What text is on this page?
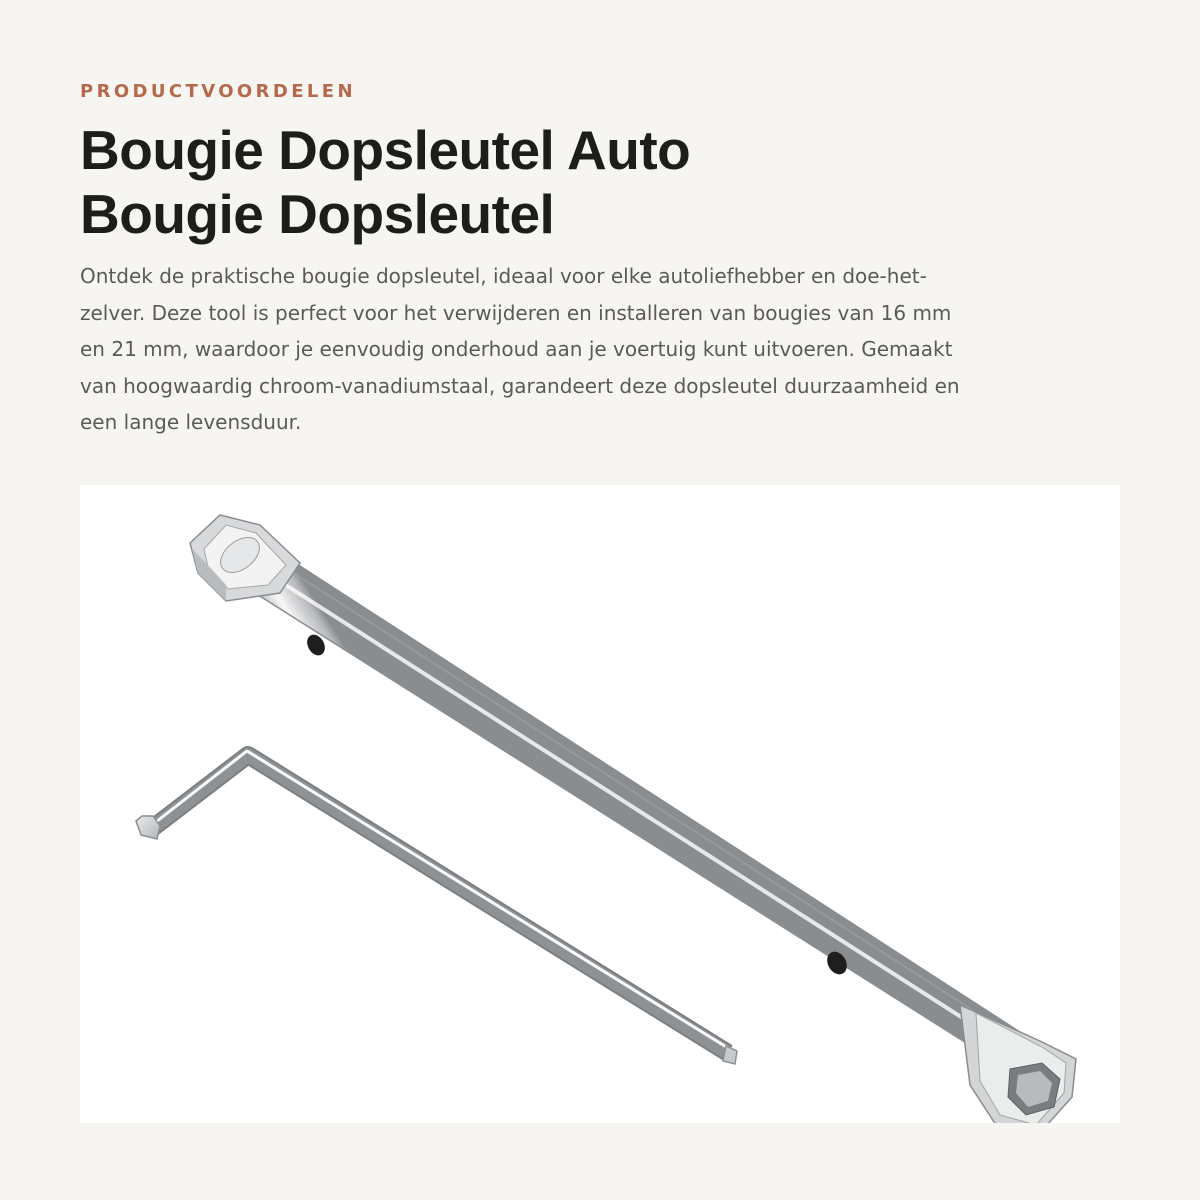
PRODUCTVOORDELEN
Bougie Dopsleutel Auto
Bougie Dopsleutel

Ontdek de praktische bougie dopsleutel, ideaal voor elke autoliefhebber en doe-het-
zelver. Deze tool is perfect voor het verwijderen en installeren van bougies van 16 mm
en 21 mm, waardoor je eenvoudig onderhoud aan je voertuig kunt uitvoeren. Gemaakt
van hoogwaardig chroom-vanadiumstaal, garandeert deze dopsleutel duurzaamheid en
een lange levensduur.
